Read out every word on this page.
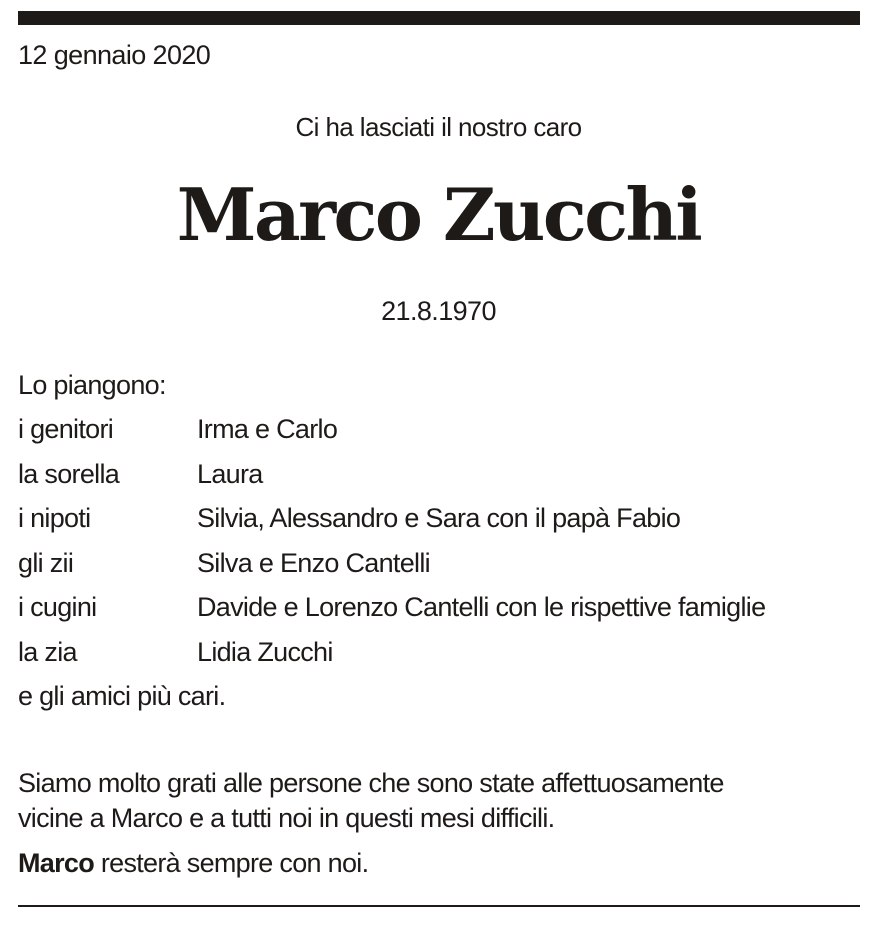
12 gennaio 2020
Ci ha lasciati il nostro caro
Marco Zucchi
21.8.1970
Lo piangono:
i genitori	Irma e Carlo
la sorella	Laura
i nipoti	Silvia, Alessandro e Sara con il papà Fabio
gli zii	Silva e Enzo Cantelli
i cugini	Davide e Lorenzo Cantelli con le rispettive famiglie
la zia	Lidia Zucchi
e gli amici più cari.
Siamo molto grati alle persone che sono state affettuosamente
vicine a Marco e a tutti noi in questi mesi difficili.
Marco resterà sempre con noi.
